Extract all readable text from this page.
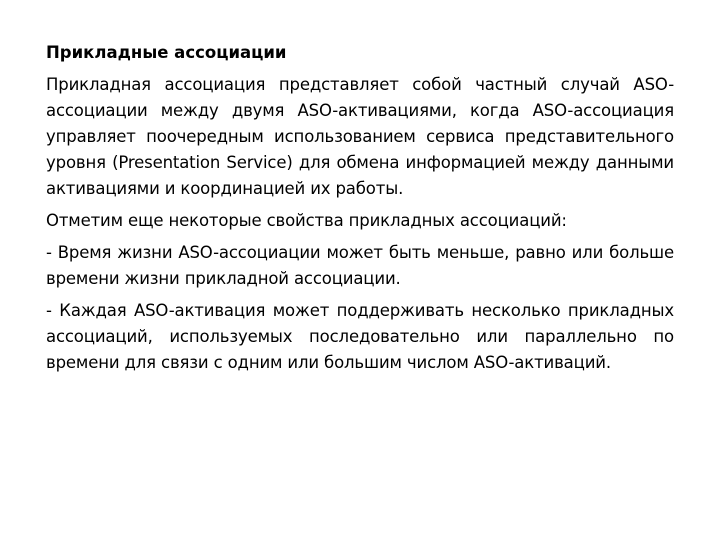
Прикладные ассоциации
Прикладная ассоциация представляет собой частный случай ASO-ассоциации между двумя ASO-активациями, когда ASO-ассоциация управляет поочередным использованием сервиса представительного уровня (Presentation Service) для обмена информацией между данными активациями и координацией их работы.
Отметим еще некоторые свойства прикладных ассоциаций:
- Время жизни ASO-ассоциации может быть меньше, равно или больше времени жизни прикладной ассоциации.
- Каждая ASO-активация может поддерживать несколько прикладных ассоциаций, используемых последовательно или параллельно по времени для связи с одним или большим числом ASO-активаций.
